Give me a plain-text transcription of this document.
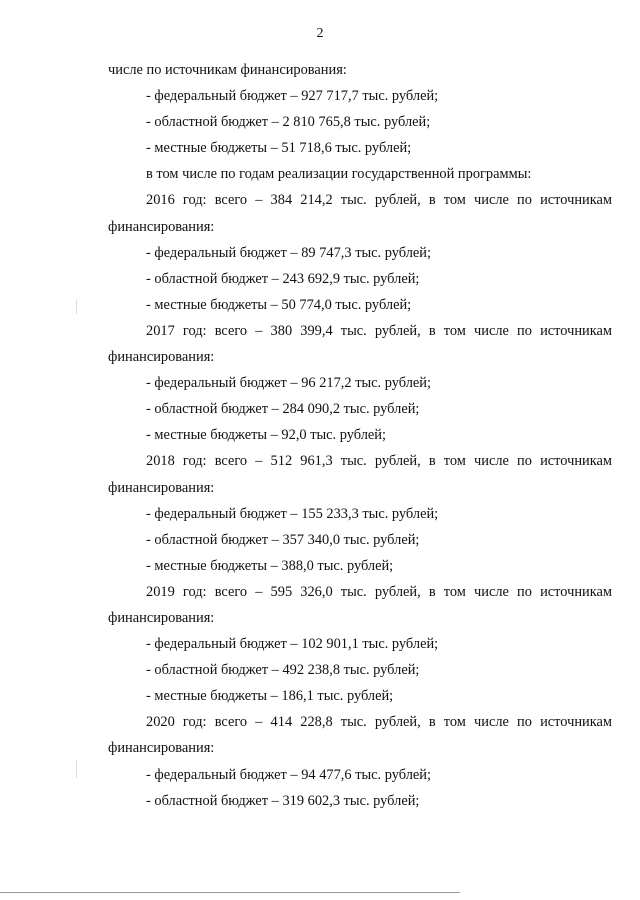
2
числе по источникам финансирования:
- федеральный бюджет – 927 717,7 тыс. рублей;
- областной бюджет – 2 810 765,8 тыс. рублей;
- местные бюджеты – 51 718,6 тыс. рублей;
в том числе по годам реализации государственной программы:
2016 год: всего – 384 214,2 тыс. рублей, в том числе по источникам
финансирования:
- федеральный бюджет – 89 747,3 тыс. рублей;
- областной бюджет – 243 692,9 тыс. рублей;
- местные бюджеты – 50 774,0 тыс. рублей;
2017 год: всего – 380 399,4 тыс. рублей, в том числе по источникам
финансирования:
- федеральный бюджет – 96 217,2 тыс. рублей;
- областной бюджет – 284 090,2 тыс. рублей;
- местные бюджеты – 92,0 тыс. рублей;
2018 год: всего – 512 961,3 тыс. рублей, в том числе по источникам
финансирования:
- федеральный бюджет – 155 233,3 тыс. рублей;
- областной бюджет – 357 340,0 тыс. рублей;
- местные бюджеты – 388,0 тыс. рублей;
2019 год: всего – 595 326,0 тыс. рублей, в том числе по источникам
финансирования:
- федеральный бюджет – 102 901,1 тыс. рублей;
- областной бюджет – 492 238,8 тыс. рублей;
- местные бюджеты – 186,1 тыс. рублей;
2020 год: всего – 414 228,8 тыс. рублей, в том числе по источникам
финансирования:
- федеральный бюджет – 94 477,6 тыс. рублей;
- областной бюджет – 319 602,3 тыс. рублей;
